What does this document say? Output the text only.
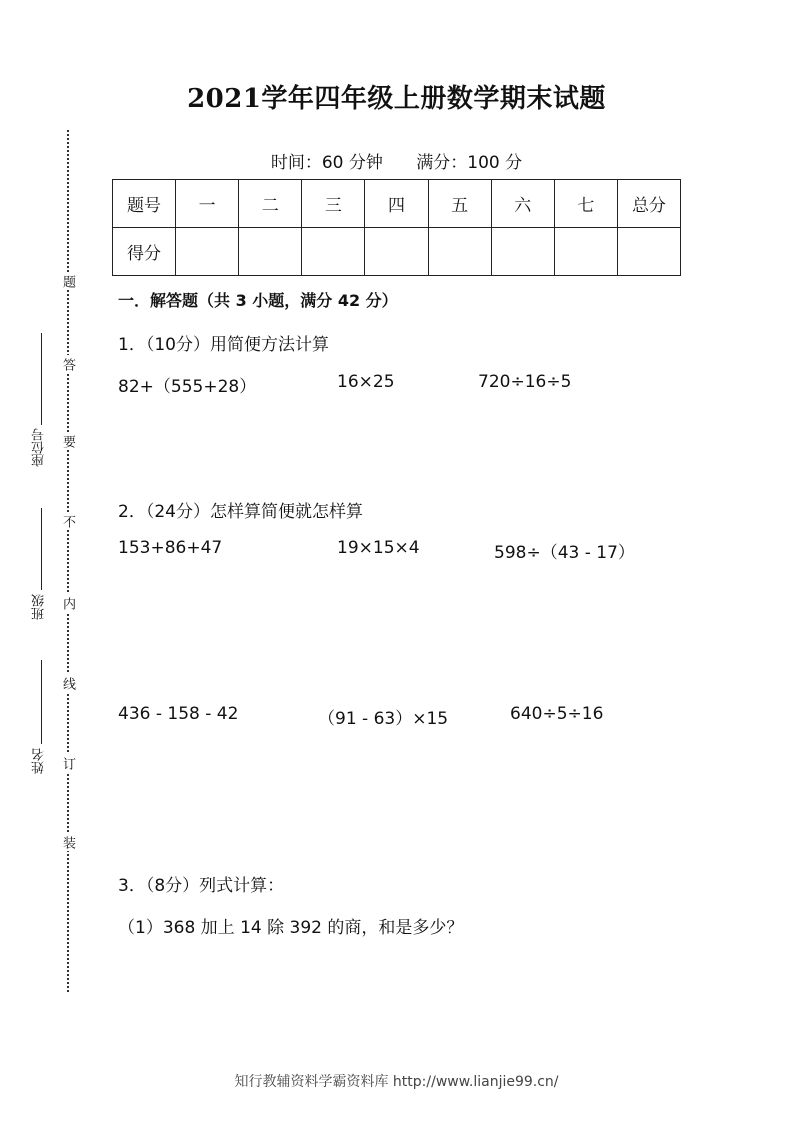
题
答
要
不
内
线
订
装
座位号
班级
姓名
2021学年四年级上册数学期末试题
时间：60 分钟 满分：100 分
题号	一	二	三	四	五	六	七	总分
得分								
一．解答题（共 3 小题，满分 42 分）
1．（10分）用简便方法计算
82+（555+28）	16×25	720÷16÷5
2．（24分）怎样算简便就怎样算
153+86+47	19×15×4	598÷（43 - 17）
436 - 158 - 42	（91 - 63）×15	640÷5÷16
3．（8分）列式计算：
（1）368 加上 14 除 392 的商，和是多少？
知行教辅资料学霸资料库 http://www.lianjie99.cn/
